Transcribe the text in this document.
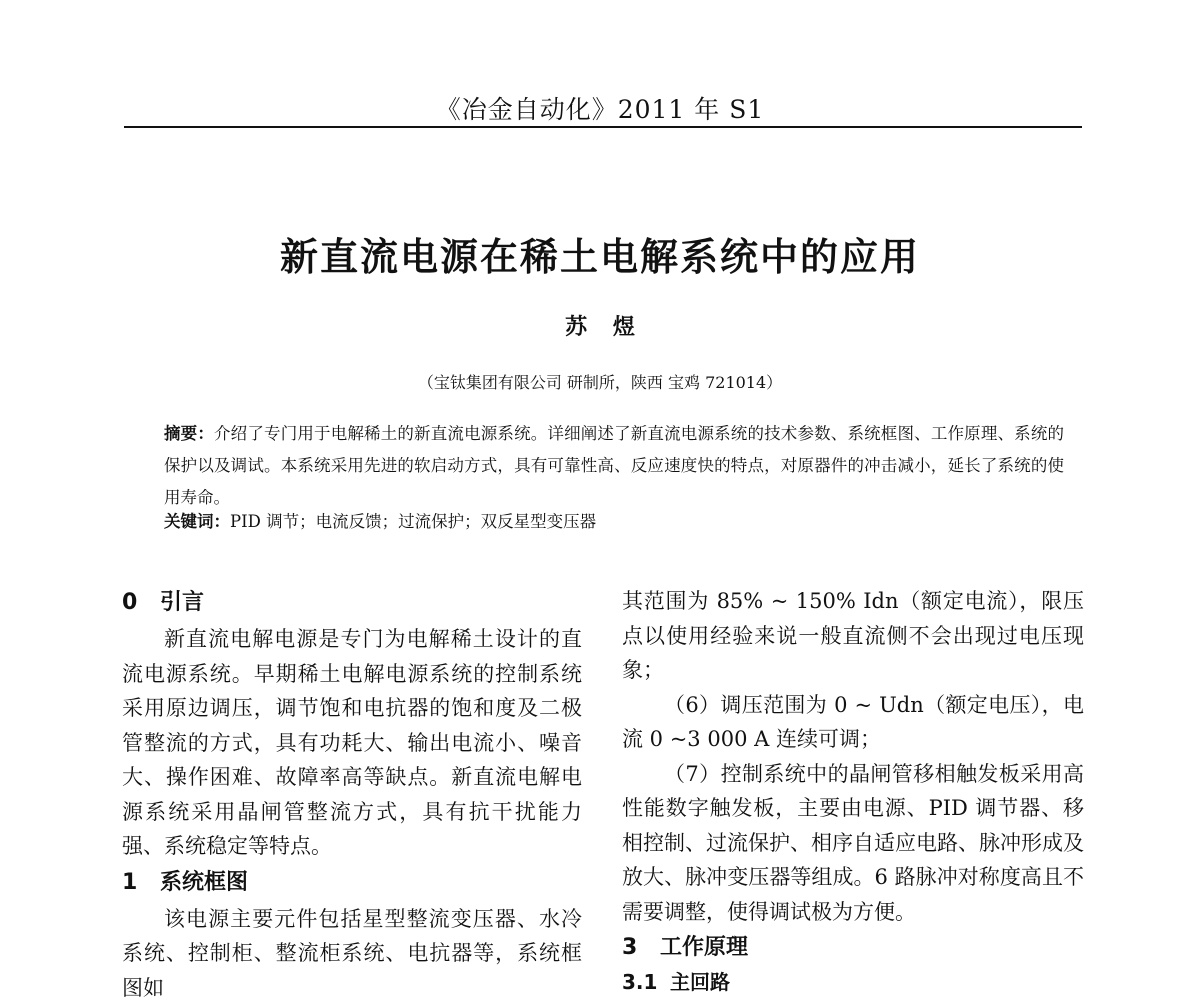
《冶金自动化》2011 年 S1
新直流电源在稀土电解系统中的应用
苏 煜
（宝钛集团有限公司 研制所，陕西 宝鸡 721014）
摘要：介绍了专门用于电解稀土的新直流电源系统。详细阐述了新直流电源系统的技术参数、系统框图、工作原理、系统的保护以及调试。本系统采用先进的软启动方式，具有可靠性高、反应速度快的特点，对原器件的冲击减小，延长了系统的使用寿命。
关键词：PID 调节；电流反馈；过流保护；双反星型变压器
0 引言

新直流电解电源是专门为电解稀土设计的直流电源系统。早期稀土电解电源系统的控制系统采用原边调压，调节饱和电抗器的饱和度及二极管整流的方式，具有功耗大、输出电流小、噪音大、操作困难、故障率高等缺点。新直流电解电源系统采用晶闸管整流方式，具有抗干扰能力强、系统稳定等特点。

1 系统框图

该电源主要元件包括星型整流变压器、水冷系统、控制柜、整流柜系统、电抗器等，系统框图如

其范围为 85% ~ 150% Idn（额定电流），限压点以使用经验来说一般直流侧不会出现过电压现象；

（6）调压范围为 0 ~ Udn（额定电压），电流 0 ~3 000 A 连续可调；

（7）控制系统中的晶闸管移相触发板采用高性能数字触发板，主要由电源、PID 调节器、移相控制、过流保护、相序自适应电路、脉冲形成及放大、脉冲变压器等组成。6 路脉冲对称度高且不需要调整，使得调试极为方便。

3 工作原理
3.1 主回路
